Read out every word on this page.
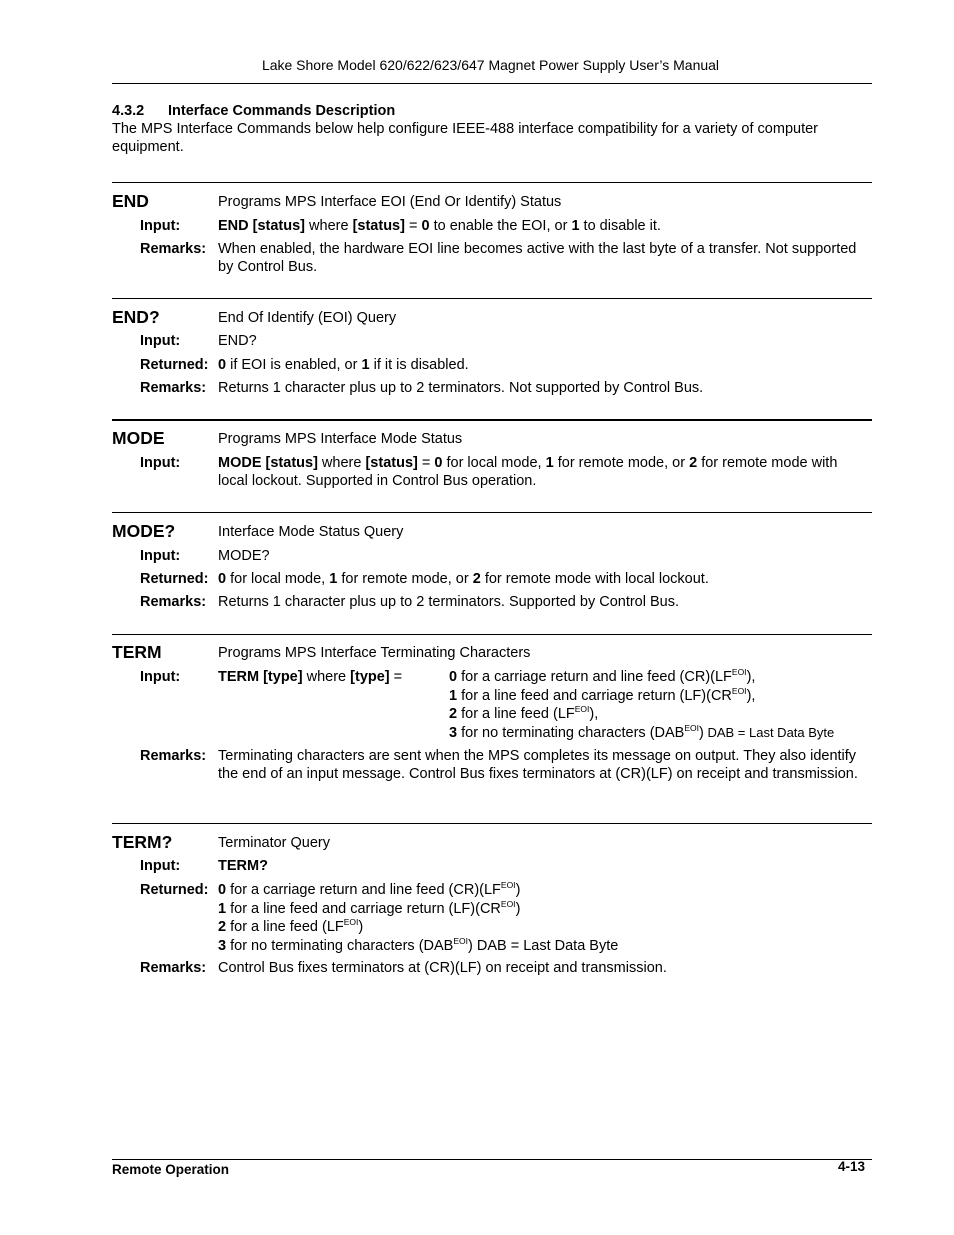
Lake Shore Model 620/622/623/647 Magnet Power Supply User’s Manual
4.3.2 Interface Commands Description
The MPS Interface Commands below help configure IEEE-488 interface compatibility for a variety of computer equipment.
END	Programs MPS Interface EOI (End Or Identify) Status
Input:	END [status] where [status] = 0 to enable the EOI, or 1 to disable it.
Remarks: When enabled, the hardware EOI line becomes active with the last byte of a transfer. Not supported by Control Bus.
END?	End Of Identify (EOI) Query
Input:	END?
Returned: 0 if EOI is enabled, or 1 if it is disabled.
Remarks: Returns 1 character plus up to 2 terminators. Not supported by Control Bus.
MODE	Programs MPS Interface Mode Status
Input:	MODE [status] where [status] = 0 for local mode, 1 for remote mode, or 2 for remote mode with local lockout. Supported in Control Bus operation.
MODE?	Interface Mode Status Query
Input:	MODE?
Returned: 0 for local mode, 1 for remote mode, or 2 for remote mode with local lockout.
Remarks: Returns 1 character plus up to 2 terminators. Supported by Control Bus.
TERM	Programs MPS Interface Terminating Characters
Input:	TERM [type] where [type] =	0 for a carriage return and line feed $(CR)(LF^{EOI})$,
1 for a line feed and carriage return $(LF)(CR^{EOI})$,
2 for a line feed $(LF^{EOI})$,
3 for no terminating characters $(DAB^{EOI})$ DAB = Last Data Byte
Remarks: Terminating characters are sent when the MPS completes its message on output. They also identify the end of an input message. Control Bus fixes terminators at (CR)(LF) on receipt and transmission.
TERM?	Terminator Query
Input:	TERM?
Returned: 0 for a carriage return and line feed $(CR)(LF^{EOI})$
1 for a line feed and carriage return $(LF)(CR^{EOI})$
2 for a line feed $(LF^{EOI})$
3 for no terminating characters $(DAB^{EOI})$ DAB = Last Data Byte
Remarks: Control Bus fixes terminators at (CR)(LF) on receipt and transmission.
Remote Operation	4-13
